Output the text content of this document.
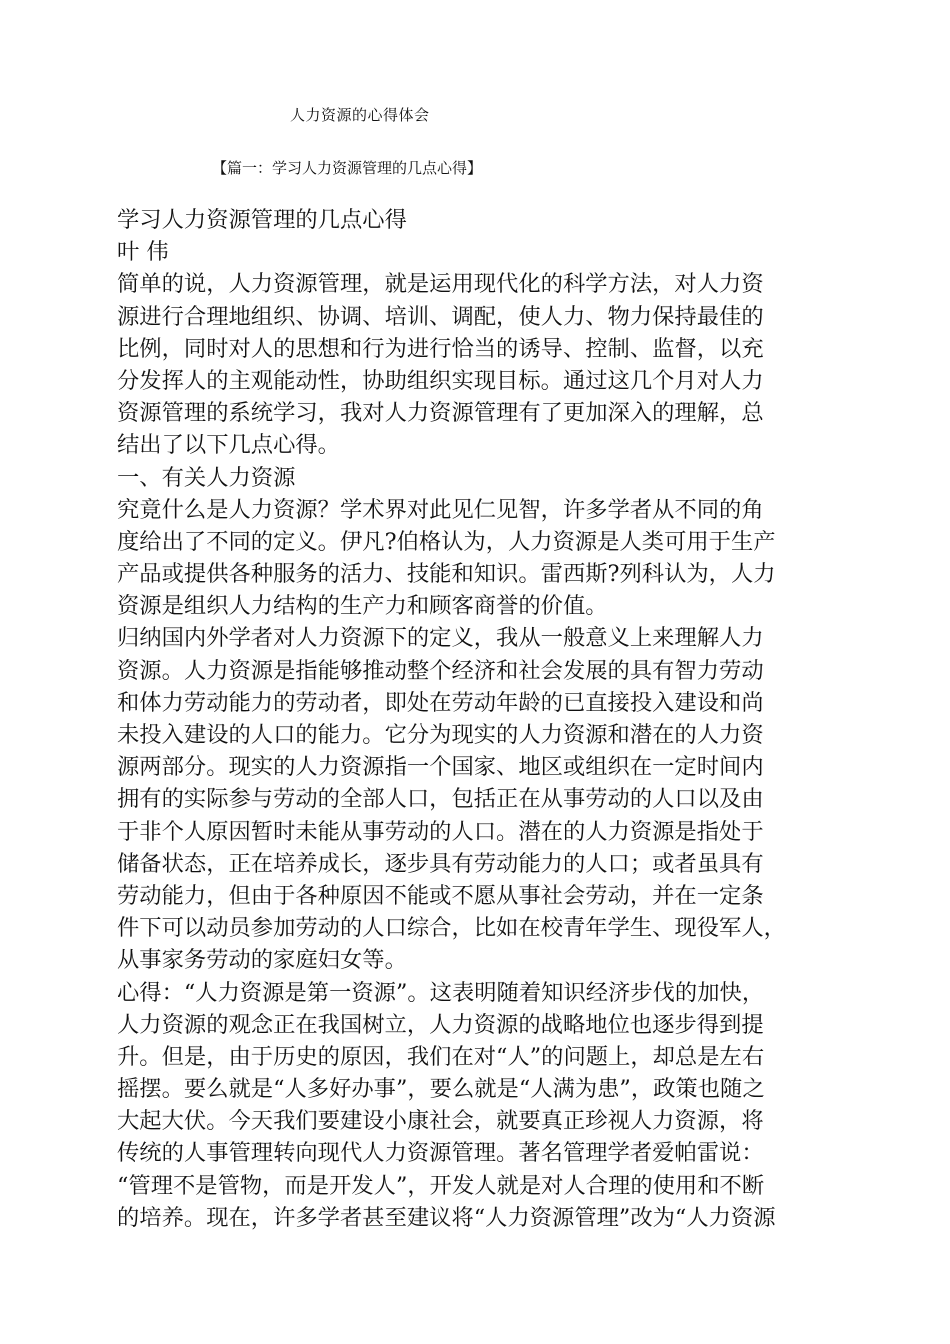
人力资源的心得体会
【篇一：学习人力资源管理的几点心得】
学习人力资源管理的几点心得
叶 伟
简单的说，人力资源管理，就是运用现代化的科学方法，对人力资
源进行合理地组织、协调、培训、调配，使人力、物力保持最佳的
比例，同时对人的思想和行为进行恰当的诱导、控制、监督，以充
分发挥人的主观能动性，协助组织实现目标。通过这几个月对人力
资源管理的系统学习，我对人力资源管理有了更加深入的理解，总
结出了以下几点心得。
一、有关人力资源
究竟什么是人力资源？学术界对此见仁见智，许多学者从不同的角
度给出了不同的定义。伊凡?伯格认为，人力资源是人类可用于生产
产品或提供各种服务的活力、技能和知识。雷西斯?列科认为，人力
资源是组织人力结构的生产力和顾客商誉的价值。
归纳国内外学者对人力资源下的定义，我从一般意义上来理解人力
资源。人力资源是指能够推动整个经济和社会发展的具有智力劳动
和体力劳动能力的劳动者，即处在劳动年龄的已直接投入建设和尚
未投入建设的人口的能力。它分为现实的人力资源和潜在的人力资
源两部分。现实的人力资源指一个国家、地区或组织在一定时间内
拥有的实际参与劳动的全部人口，包括正在从事劳动的人口以及由
于非个人原因暂时未能从事劳动的人口。潜在的人力资源是指处于
储备状态，正在培养成长，逐步具有劳动能力的人口；或者虽具有
劳动能力，但由于各种原因不能或不愿从事社会劳动，并在一定条
件下可以动员参加劳动的人口综合，比如在校青年学生、现役军人，
从事家务劳动的家庭妇女等。
心得：“人力资源是第一资源”。这表明随着知识经济步伐的加快，
人力资源的观念正在我国树立，人力资源的战略地位也逐步得到提
升。但是，由于历史的原因，我们在对“人”的问题上，却总是左右
摇摆。要么就是“人多好办事”，要么就是“人满为患”，政策也随之
大起大伏。今天我们要建设小康社会，就要真正珍视人力资源，将
传统的人事管理转向现代人力资源管理。著名管理学者爱帕雷说：
“管理不是管物，而是开发人”，开发人就是对人合理的使用和不断
的培养。现在，许多学者甚至建议将“人力资源管理”改为“人力资源
